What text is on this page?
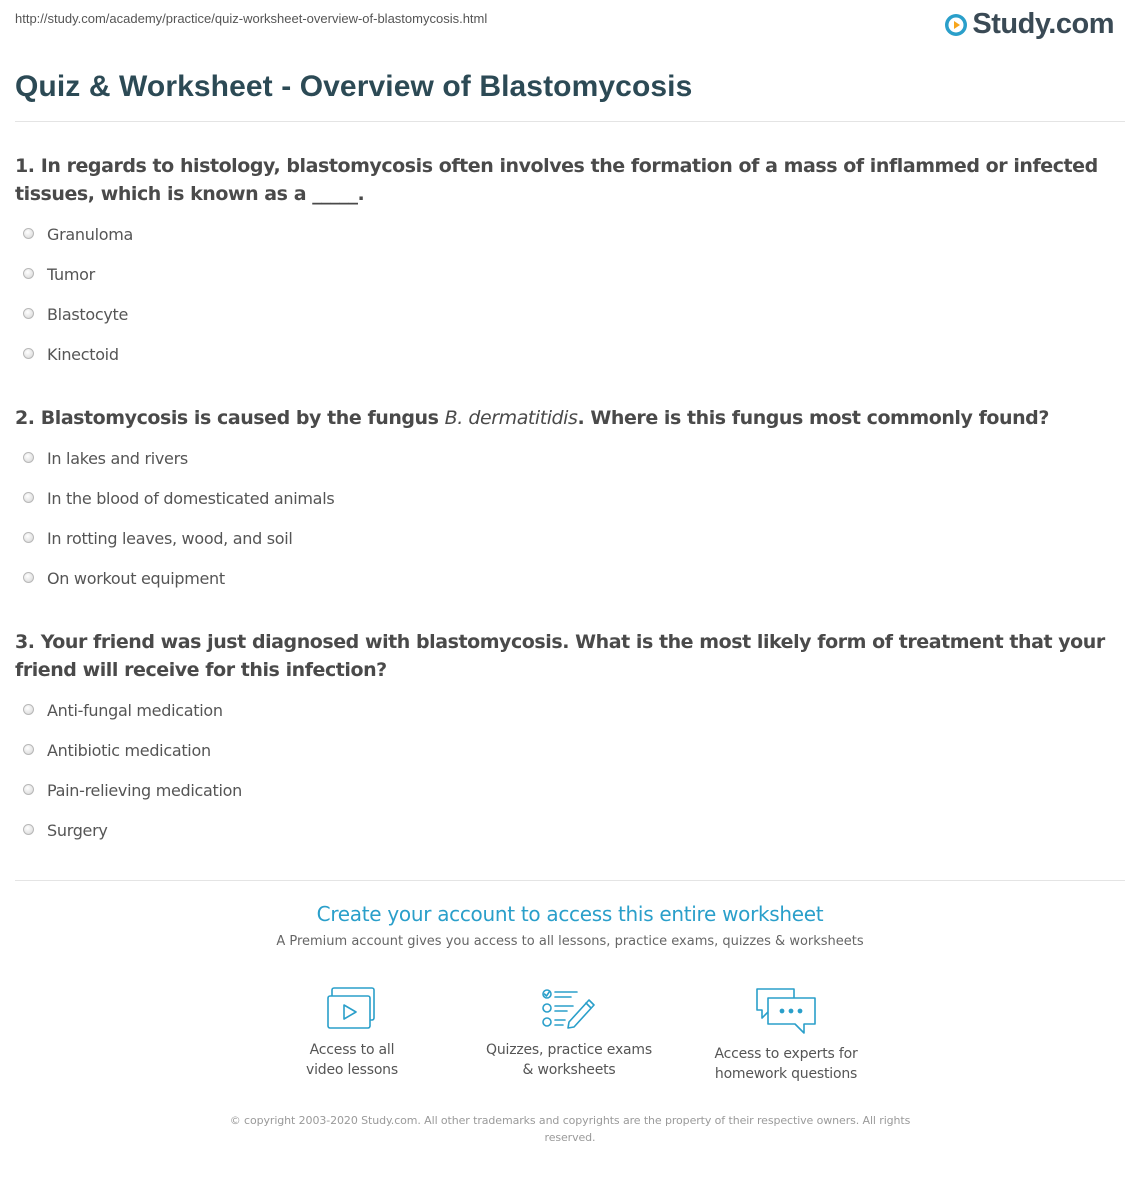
http://study.com/academy/practice/quiz-worksheet-overview-of-blastomycosis.html	Study.com
Quiz & Worksheet - Overview of Blastomycosis

1. In regards to histology, blastomycosis often involves the formation of a mass of inflammed or infected tissues, which is known as a _____.

Granuloma
Tumor
Blastocyte
Kinectoid

2. Blastomycosis is caused by the fungus B. dermatitidis. Where is this fungus most commonly found?

In lakes and rivers
In the blood of domesticated animals
In rotting leaves, wood, and soil
On workout equipment

3. Your friend was just diagnosed with blastomycosis. What is the most likely form of treatment that your friend will receive for this infection?

Anti-fungal medication
Antibiotic medication
Pain-relieving medication
Surgery
Create your account to access this entire worksheet
A Premium account gives you access to all lessons, practice exams, quizzes & worksheets
Access to all
video lessons
Quizzes, practice exams
& worksheets
Access to experts for
homework questions
© copyright 2003-2020 Study.com. All other trademarks and copyrights are the property of their respective owners. All rights reserved.
